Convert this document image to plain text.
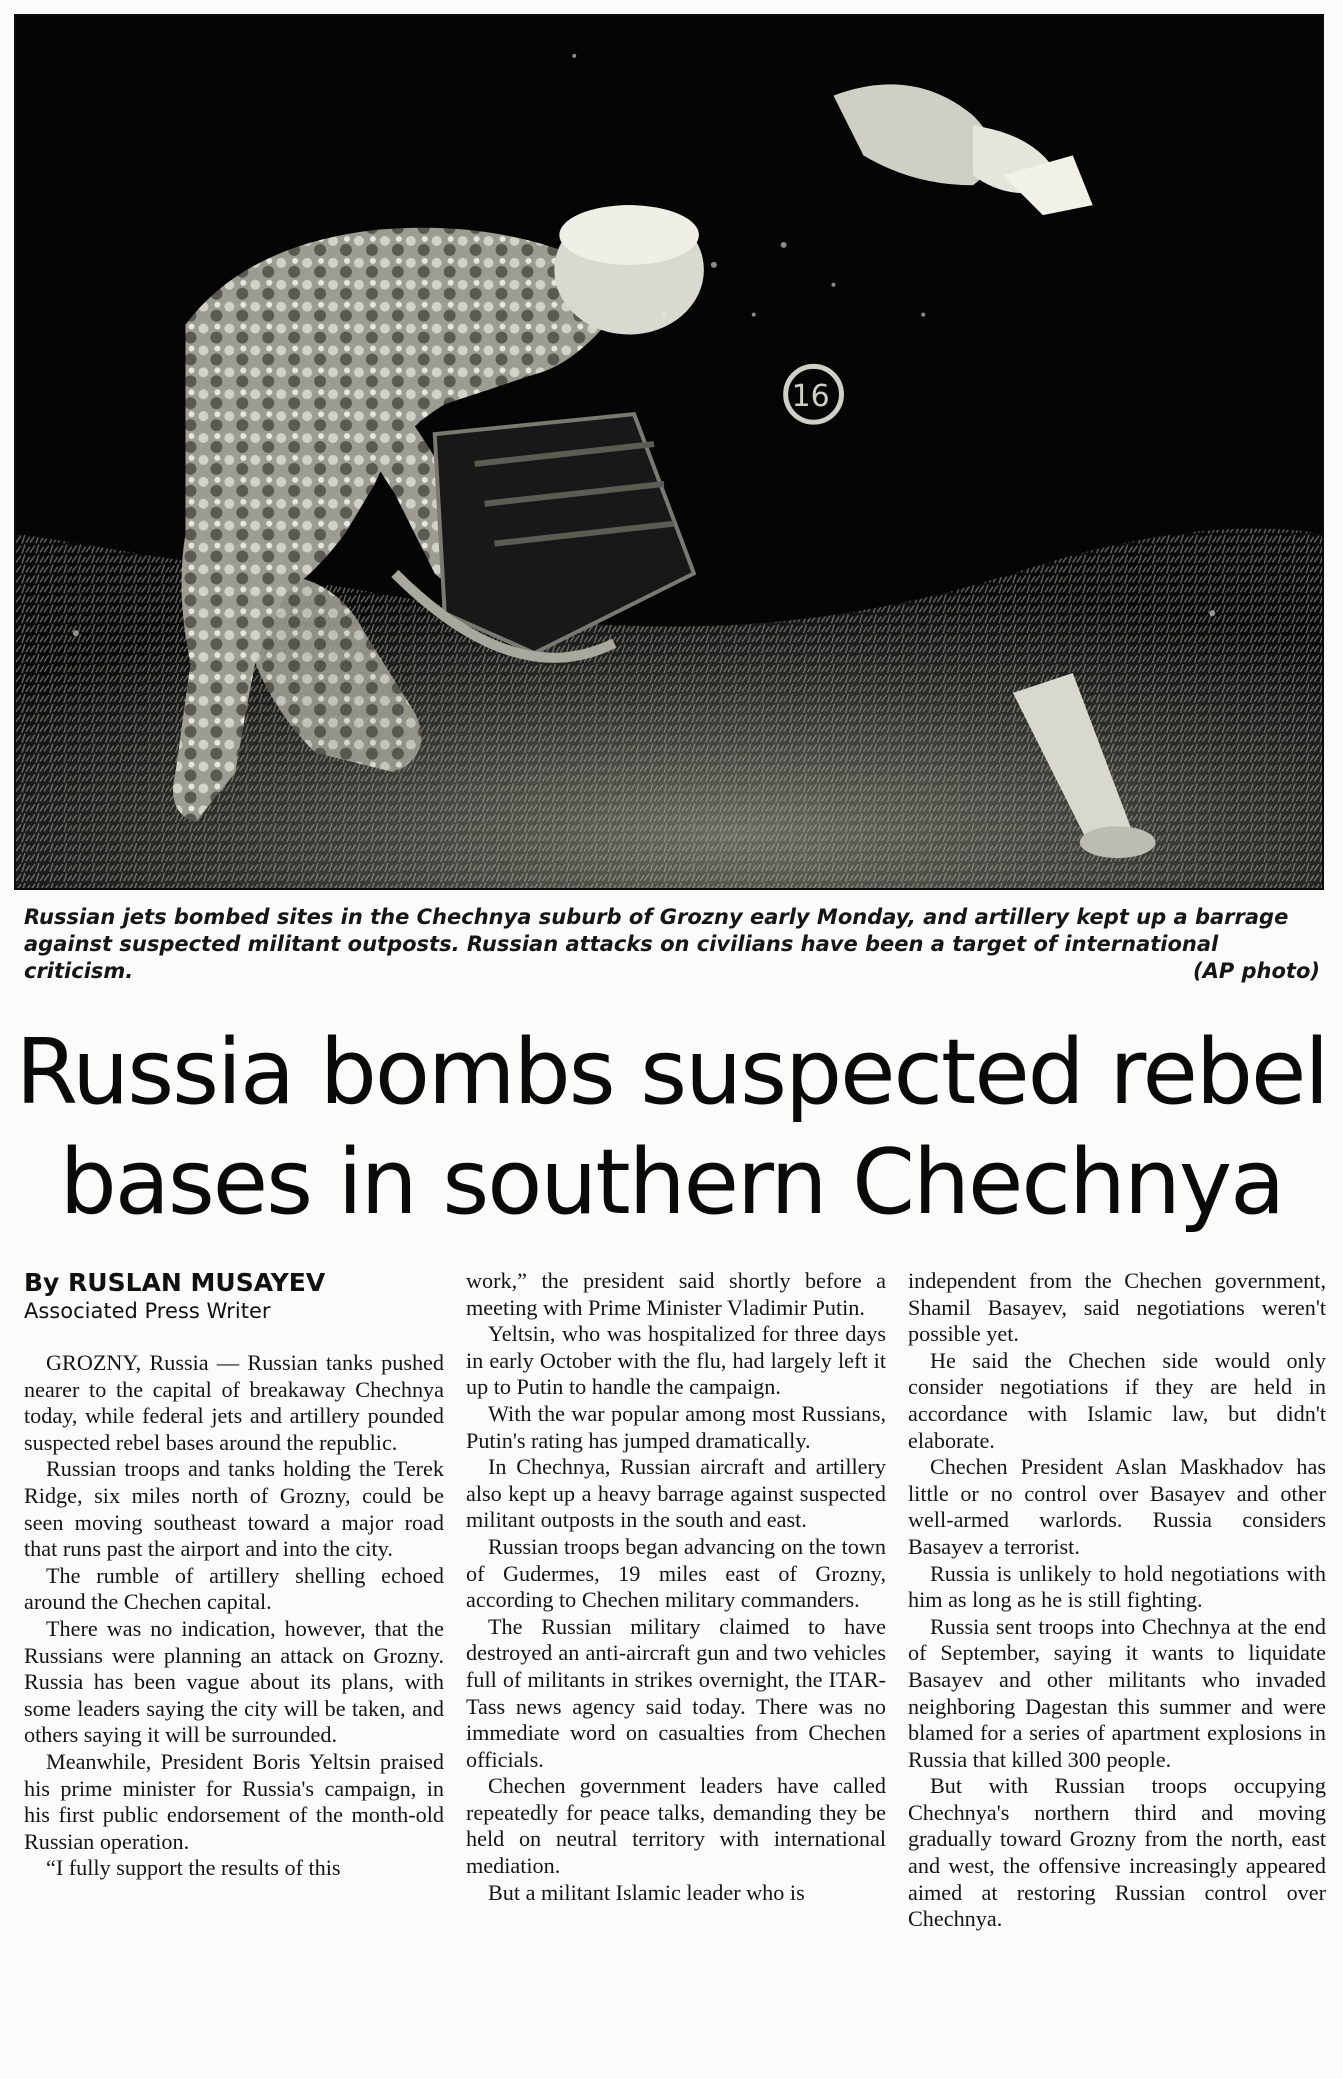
16
Russian jets bombed sites in the Chechnya suburb of Grozny early Monday, and artillery kept up a barrage against suspected militant outposts. Russian attacks on civilians have been a target of international criticism.	(AP photo)
Russia bombs suspected rebel
bases in southern Chechnya
By RUSLAN MUSAYEV
Associated Press Writer

GROZNY, Russia — Russian tanks pushed nearer to the capital of breakaway Chechnya today, while federal jets and artillery pounded suspected rebel bases around the republic.

Russian troops and tanks holding the Terek Ridge, six miles north of Grozny, could be seen moving southeast toward a major road that runs past the airport and into the city.

The rumble of artillery shelling echoed around the Chechen capital.

There was no indication, however, that the Russians were planning an attack on Grozny. Russia has been vague about its plans, with some leaders saying the city will be taken, and others saying it will be surrounded.

Meanwhile, President Boris Yeltsin praised his prime minister for Russia's campaign, in his first public endorsement of the month-old Russian operation.

“I fully support the results of this

work,” the president said shortly before a meeting with Prime Minister Vladimir Putin.

Yeltsin, who was hospitalized for three days in early October with the flu, had largely left it up to Putin to handle the campaign.

With the war popular among most Russians, Putin's rating has jumped dramatically.

In Chechnya, Russian aircraft and artillery also kept up a heavy barrage against suspected militant outposts in the south and east.

Russian troops began advancing on the town of Gudermes, 19 miles east of Grozny, according to Chechen military commanders.

The Russian military claimed to have destroyed an anti-aircraft gun and two vehicles full of militants in strikes overnight, the ITAR-Tass news agency said today. There was no immediate word on casualties from Chechen officials.

Chechen government leaders have called repeatedly for peace talks, demanding they be held on neutral territory with international mediation.

But a militant Islamic leader who is

independent from the Chechen government, Shamil Basayev, said negotiations weren't possible yet.

He said the Chechen side would only consider negotiations if they are held in accordance with Islamic law, but didn't elaborate.

Chechen President Aslan Maskhadov has little or no control over Basayev and other well-armed warlords. Russia considers Basayev a terrorist.

Russia is unlikely to hold negotiations with him as long as he is still fighting.

Russia sent troops into Chechnya at the end of September, saying it wants to liquidate Basayev and other militants who invaded neighboring Dagestan this summer and were blamed for a series of apartment explosions in Russia that killed 300 people.

But with Russian troops occupying Chechnya's northern third and moving gradually toward Grozny from the north, east and west, the offensive increasingly appeared aimed at restoring Russian control over Chechnya.
